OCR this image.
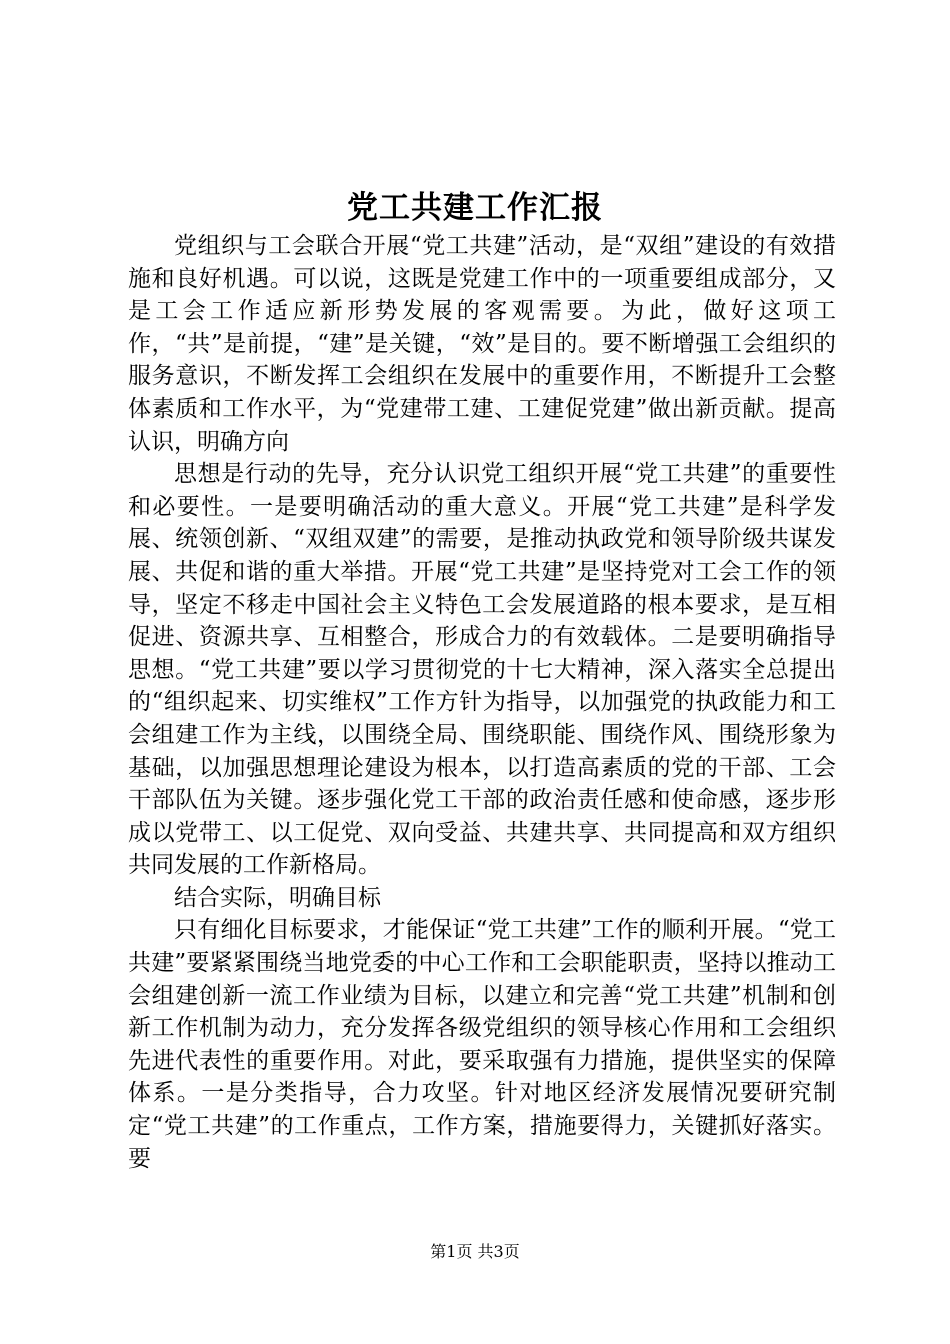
党工共建工作汇报

党组织与工会联合开展“党工共建”活动，是“双组”建设的有效措施和良好机遇。可以说，这既是党建工作中的一项重要组成部分，又是工会工作适应新形势发展的客观需要。为此，做好这项工作，“共”是前提，“建”是关键，“效”是目的。要不断增强工会组织的服务意识，不断发挥工会组织在发展中的重要作用，不断提升工会整体素质和工作水平，为“党建带工建、工建促党建”做出新贡献。提高认识，明确方向

思想是行动的先导，充分认识党工组织开展“党工共建”的重要性和必要性。一是要明确活动的重大意义。开展“党工共建”是科学发展、统领创新、“双组双建”的需要，是推动执政党和领导阶级共谋发展、共促和谐的重大举措。开展“党工共建”是坚持党对工会工作的领导，坚定不移走中国社会主义特色工会发展道路的根本要求，是互相促进、资源共享、互相整合，形成合力的有效载体。二是要明确指导思想。“党工共建”要以学习贯彻党的十七大精神，深入落实全总提出的“组织起来、切实维权”工作方针为指导，以加强党的执政能力和工会组建工作为主线，以围绕全局、围绕职能、围绕作风、围绕形象为基础，以加强思想理论建设为根本，以打造高素质的党的干部、工会干部队伍为关键。逐步强化党工干部的政治责任感和使命感，逐步形成以党带工、以工促党、双向受益、共建共享、共同提高和双方组织共同发展的工作新格局。

结合实际，明确目标

只有细化目标要求，才能保证“党工共建”工作的顺利开展。“党工共建”要紧紧围绕当地党委的中心工作和工会职能职责，坚持以推动工会组建创新一流工作业绩为目标，以建立和完善“党工共建”机制和创新工作机制为动力，充分发挥各级党组织的领导核心作用和工会组织先进代表性的重要作用。对此，要采取强有力措施，提供坚实的保障体系。一是分类指导，合力攻坚。针对地区经济发展情况要研究制定“党工共建”的工作重点，工作方案，措施要得力，关键抓好落实。要

第1页 共3页
